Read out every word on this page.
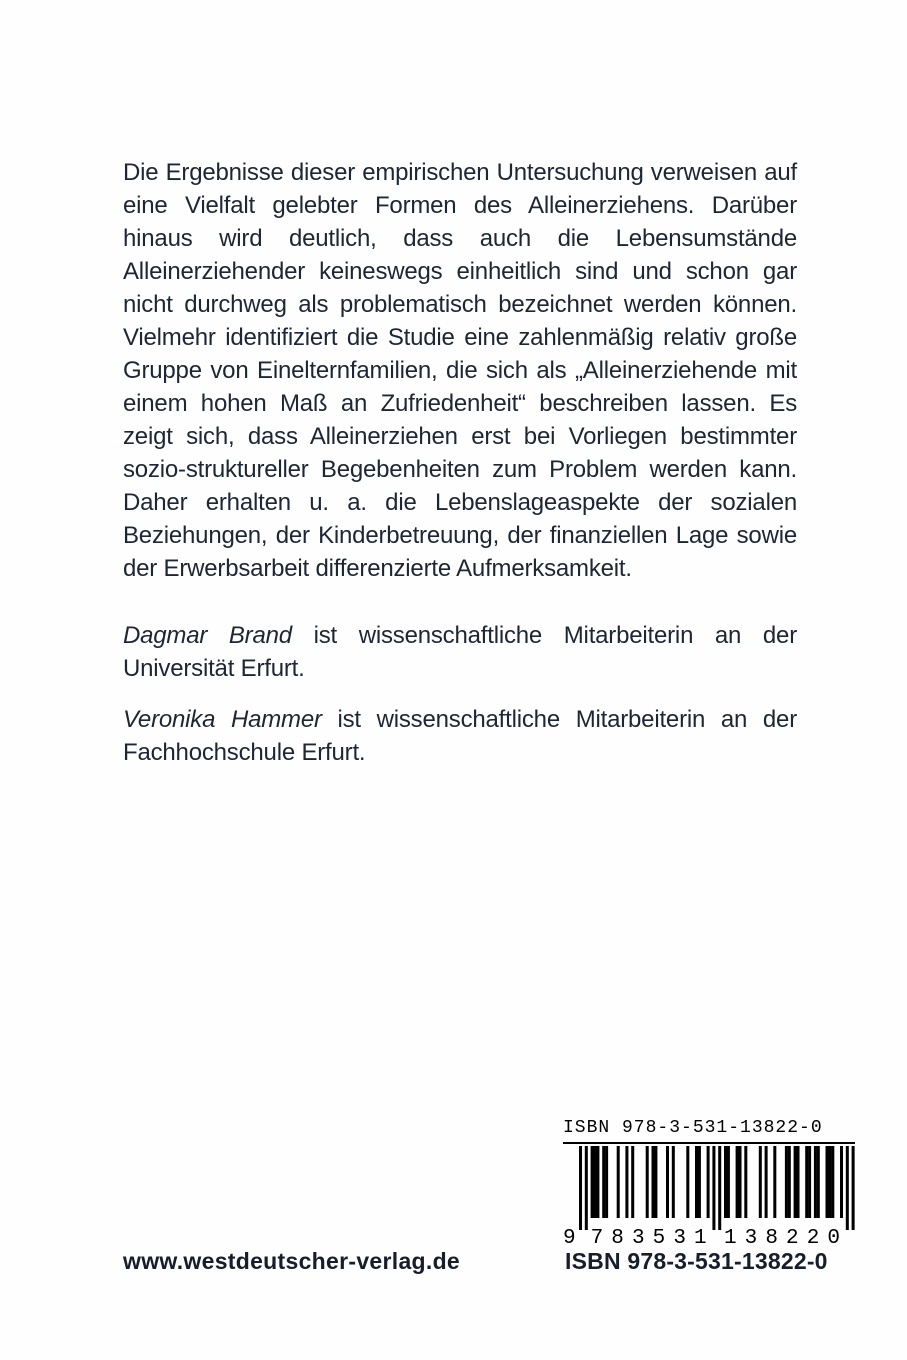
Die Ergebnisse dieser empirischen Untersuchung verweisen auf eine Vielfalt gelebter Formen des Alleinerziehens. Darüber hinaus wird deutlich, dass auch die Lebensumstände Alleinerziehender keineswegs einheitlich sind und schon gar nicht durchweg als problematisch bezeichnet werden können. Vielmehr identifiziert die Studie eine zahlenmäßig relativ große Gruppe von Einelternfamilien, die sich als „Alleinerziehende mit einem hohen Maß an Zufriedenheit“ beschreiben lassen. Es zeigt sich, dass Alleinerziehen erst bei Vorliegen bestimmter sozio-struktureller Begebenheiten zum Problem werden kann. Daher erhalten u. a. die Lebenslageaspekte der sozialen Beziehungen, der Kinderbetreuung, der finanziellen Lage sowie der Erwerbsarbeit differenzierte Aufmerksamkeit.

Dagmar Brand ist wissenschaftliche Mitarbeiterin an der Universität Erfurt.

Veronika Hammer ist wissenschaftliche Mitarbeiterin an der Fachhochschule Erfurt.

ISBN 978-3-531-13822-0
9 783531 138220
www.westdeutscher-verlag.de	ISBN 978-3-531-13822-0
